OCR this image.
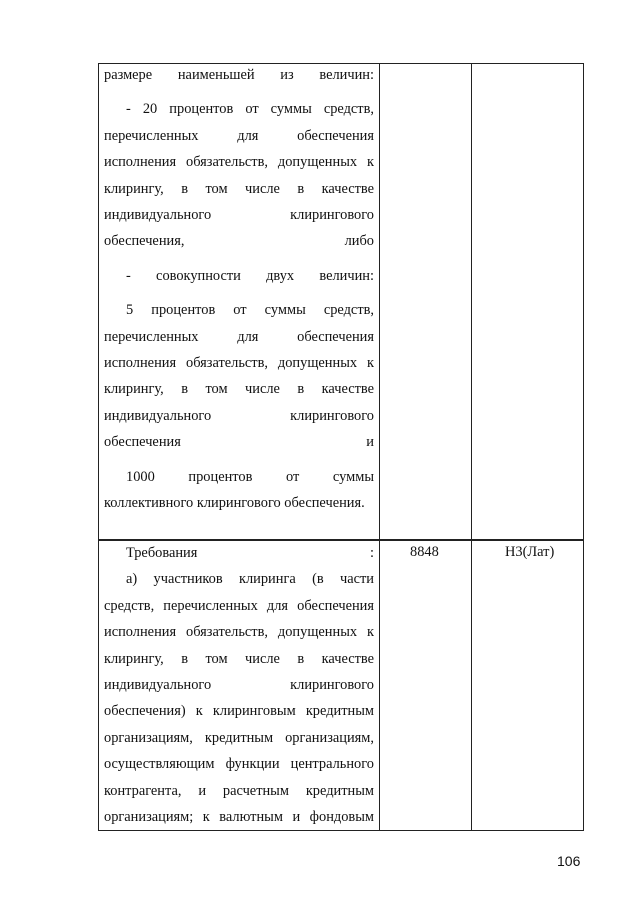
размере наименьшей из величин:

- 20 процентов от суммы средств, перечисленных для обеспечения исполнения обязательств, допущенных к клирингу, в том числе в качестве индивидуального клирингового обеспечения, либо

- совокупности двух величин:

5 процентов от суммы средств, перечисленных для обеспечения исполнения обязательств, допущенных к клирингу, в том числе в качестве индивидуального клирингового обеспечения и

1000 процентов от суммы коллективного клирингового обеспечения.

Требования :

а) участников клиринга (в части средств, перечисленных для обеспечения исполнения обязательств, допущенных к клирингу, в том числе в качестве индивидуального клирингового обеспечения) к клиринговым кредитным организациям, кредитным организациям, осуществляющим функции центрального контрагента, и расчетным кредитным организациям; к валютным и фондовым

8848	Н3(Лат)
106
